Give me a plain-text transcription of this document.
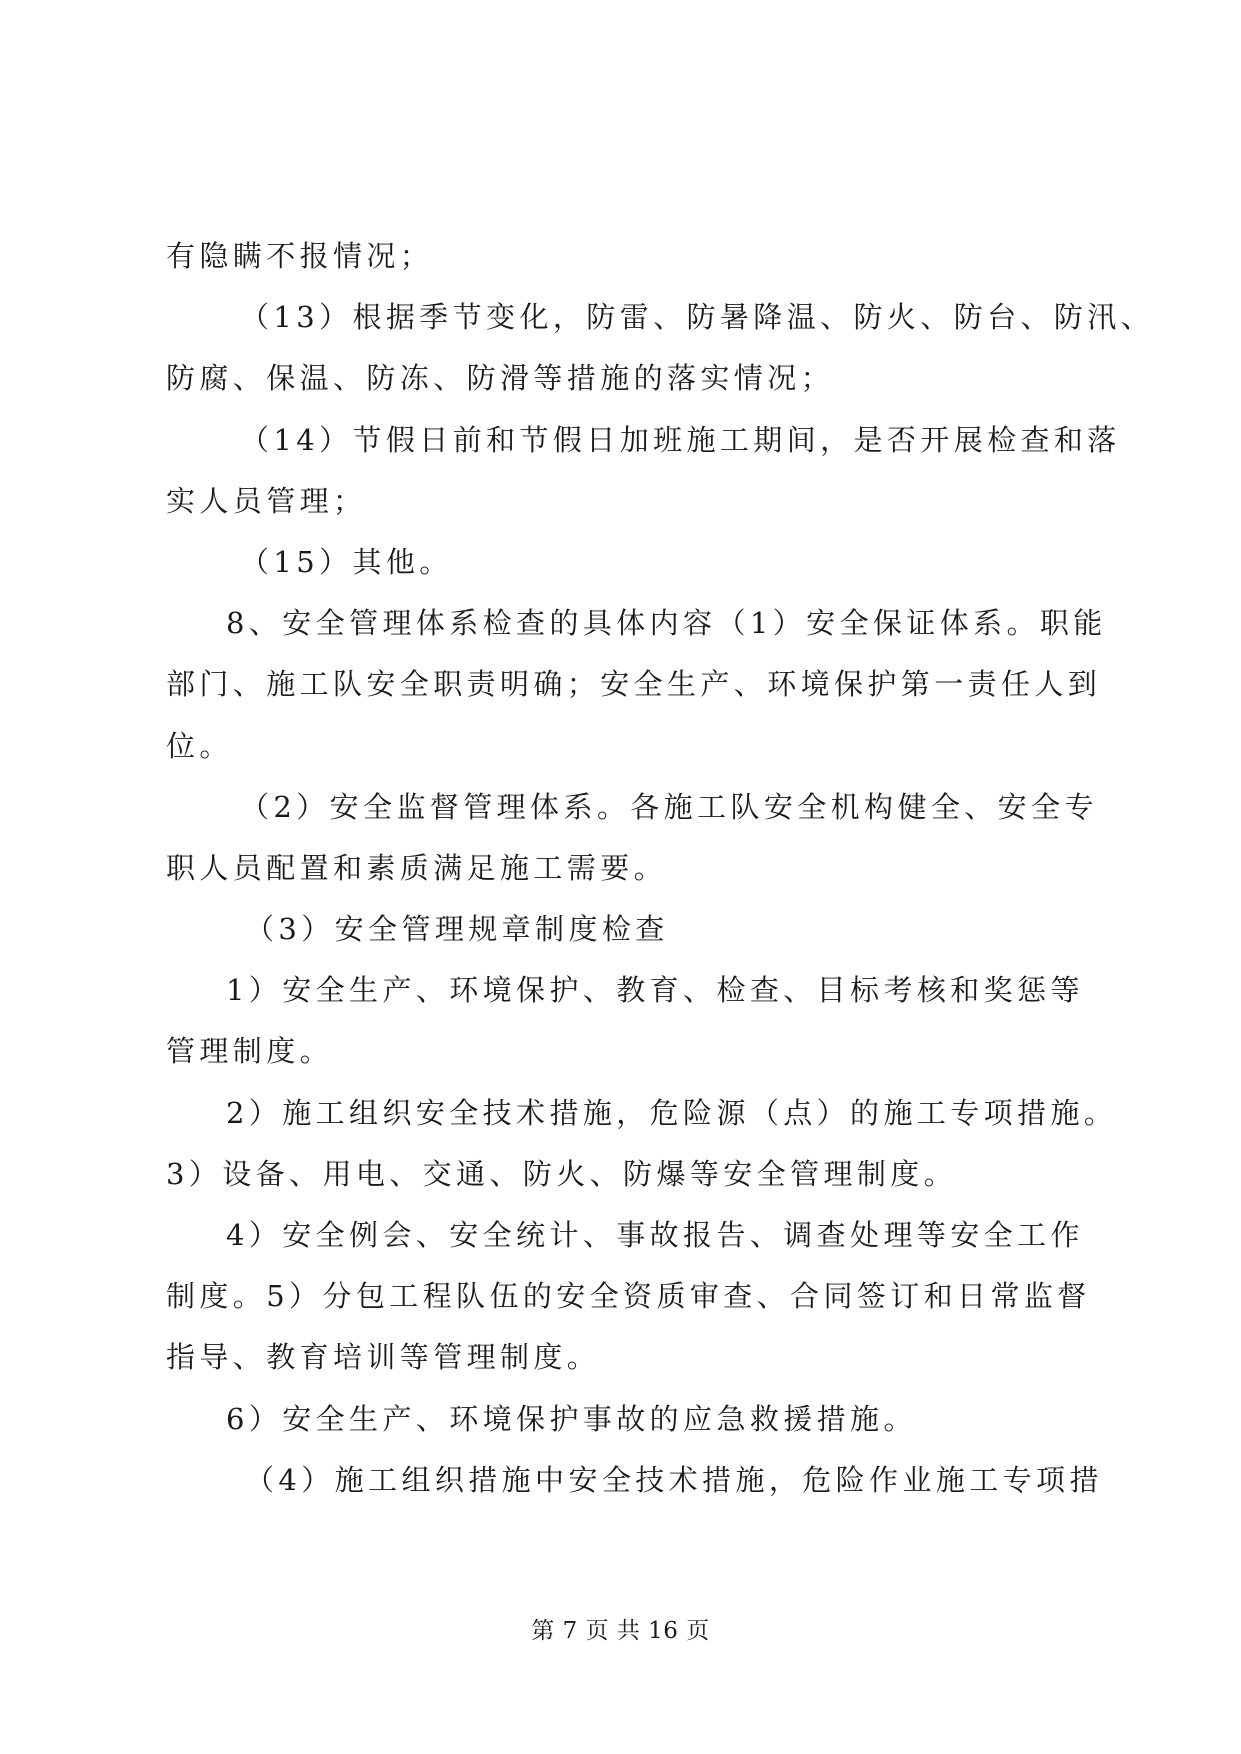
有隐瞒不报情况；
（13）根据季节变化，防雷、防暑降温、防火、防台、防汛、
防腐、保温、防冻、防滑等措施的落实情况；
（14）节假日前和节假日加班施工期间，是否开展检查和落
实人员管理；
（15）其他。
8、安全管理体系检查的具体内容（1）安全保证体系。职能
部门、施工队安全职责明确；安全生产、环境保护第一责任人到
位。
（2）安全监督管理体系。各施工队安全机构健全、安全专
职人员配置和素质满足施工需要。
（3）安全管理规章制度检查
1）安全生产、环境保护、教育、检查、目标考核和奖惩等
管理制度。
2）施工组织安全技术措施，危险源（点）的施工专项措施。
3）设备、用电、交通、防火、防爆等安全管理制度。
4）安全例会、安全统计、事故报告、调查处理等安全工作
制度。5）分包工程队伍的安全资质审查、合同签订和日常监督
指导、教育培训等管理制度。
6）安全生产、环境保护事故的应急救援措施。
（4）施工组织措施中安全技术措施，危险作业施工专项措
第 7 页 共 16 页
